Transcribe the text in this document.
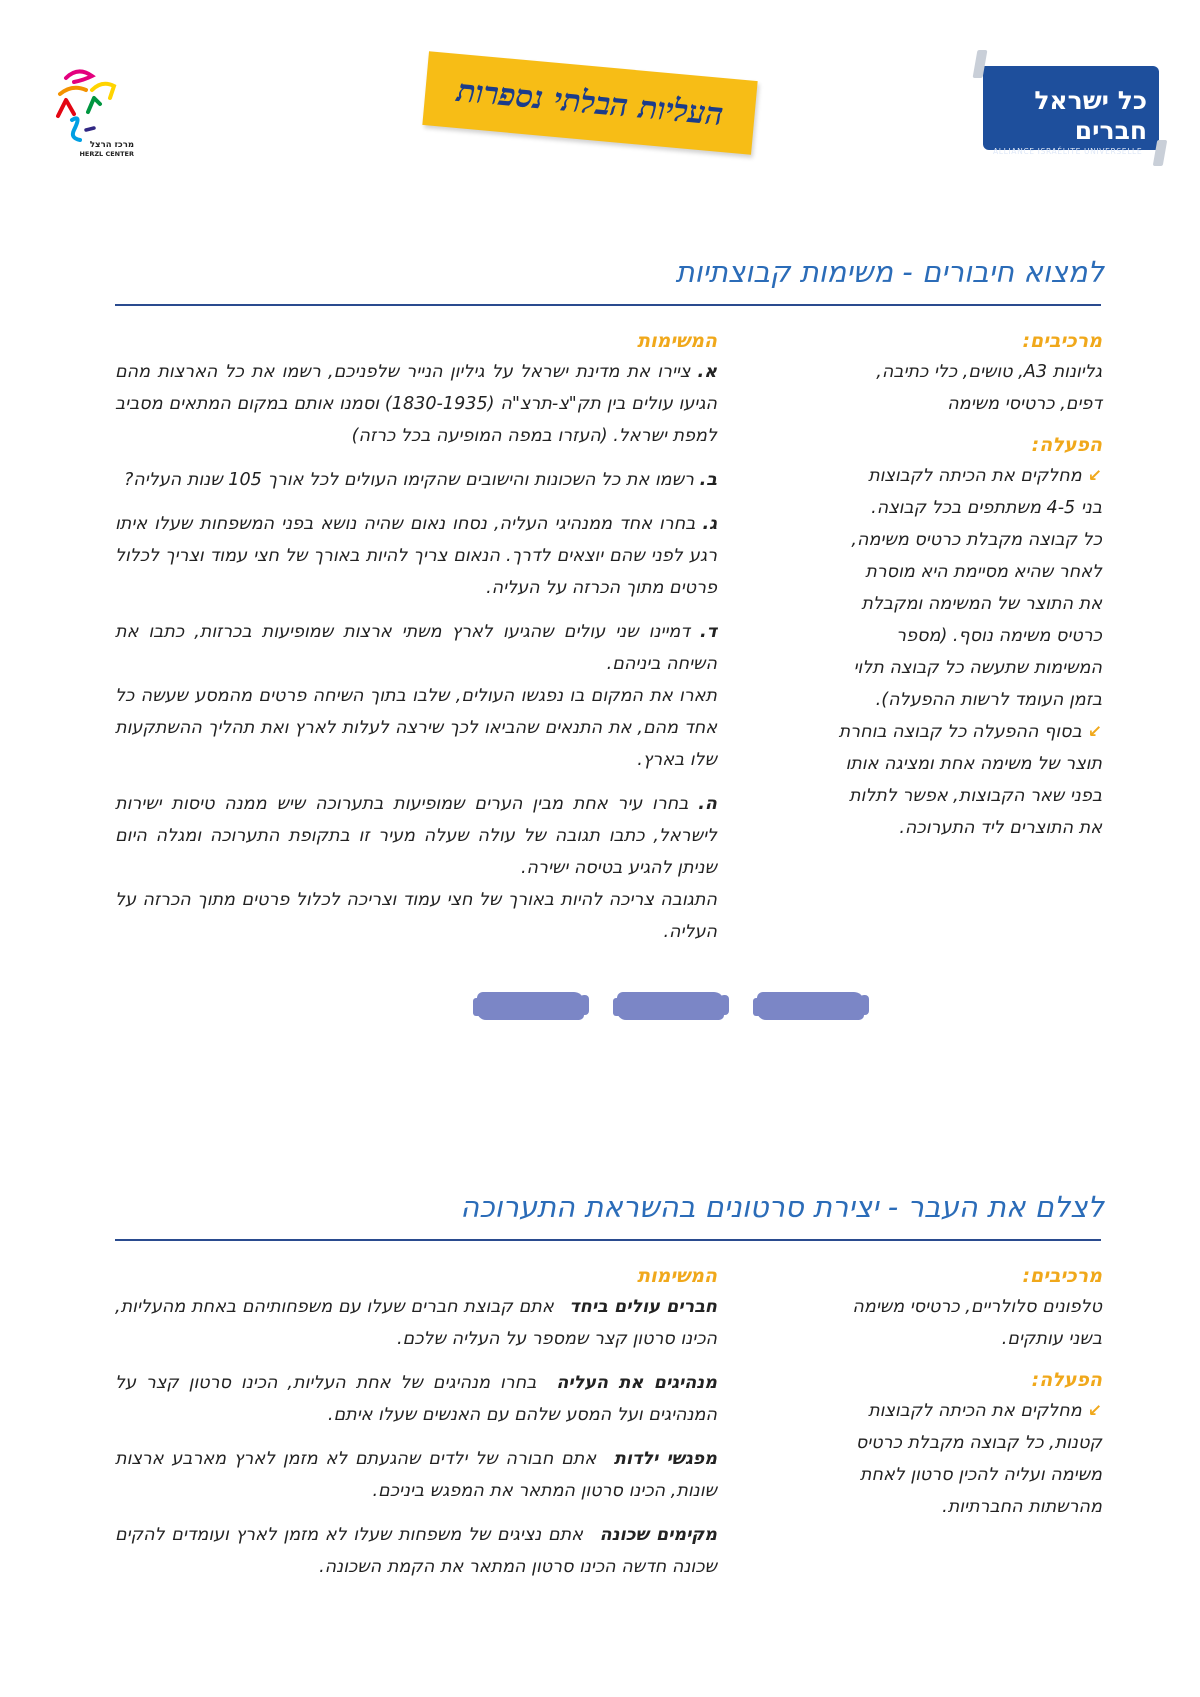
כל ישראל חברים
ALLIANCE ISRAÉLITE UNIVERSELLE
העליות הבלתי נספרות
מרכז הרצל
HERZL CENTER
למצוא חיבורים - משימות קבוצתיות

מרכיבים:

גליונות A3, טושים, כלי כתיבה,
דפים, כרטיסי משימה

הפעלה:

↙מחלקים את הכיתה לקבוצות
בני 4-5 משתתפים בכל קבוצה.
כל קבוצה מקבלת כרטיס משימה,
לאחר שהיא מסיימת היא מוסרת
את התוצר של המשימה ומקבלת
כרטיס משימה נוסף. (מספר
המשימות שתעשה כל קבוצה תלוי
בזמן העומד לרשות ההפעלה).

↙בסוף ההפעלה כל קבוצה בוחרת
תוצר של משימה אחת ומציגה אותו
בפני שאר הקבוצות, אפשר לתלות
את התוצרים ליד התערוכה.

המשימות

א. ציירו את מדינת ישראל על גיליון הנייר שלפניכם, רשמו את כל הארצות מהם הגיעו עולים בין תק"צ-תרצ"ה (1830-1935) וסמנו אותם במקום המתאים מסביב למפת ישראל. (העזרו במפה המופיעה בכל כרזה)

ב. רשמו את כל השכונות והישובים שהקימו העולים לכל אורך 105 שנות העליה?

ג. בחרו אחד ממנהיגי העליה, נסחו נאום שהיה נושא בפני המשפחות שעלו איתו רגע לפני שהם יוצאים לדרך. הנאום צריך להיות באורך של חצי עמוד וצריך לכלול פרטים מתוך הכרזה על העליה.

ד. דמיינו שני עולים שהגיעו לארץ משתי ארצות שמופיעות בכרזות, כתבו את השיחה ביניהם.

תארו את המקום בו נפגשו העולים, שלבו בתוך השיחה פרטים מהמסע שעשה כל אחד מהם, את התנאים שהביאו לכך שירצה לעלות לארץ ואת תהליך ההשתקעות שלו בארץ.

ה. בחרו עיר אחת מבין הערים שמופיעות בתערוכה שיש ממנה טיסות ישירות לישראל, כתבו תגובה של עולה שעלה מעיר זו בתקופת התערוכה ומגלה היום שניתן להגיע בטיסה ישירה.

התגובה צריכה להיות באורך של חצי עמוד וצריכה לכלול פרטים מתוך הכרזה על העליה.

לצלם את העבר - יצירת סרטונים בהשראת התערוכה

מרכיבים:

טלפונים סלולריים, כרטיסי משימה
בשני עותקים.

הפעלה:

↙מחלקים את הכיתה לקבוצות
קטנות, כל קבוצה מקבלת כרטיס
משימה ועליה להכין סרטון לאחת
מהרשתות החברתיות.

המשימות

חברים עולים ביחד אתם קבוצת חברים שעלו עם משפחותיהם באחת מהעליות, הכינו סרטון קצר שמספר על העליה שלכם.

מנהיגים את העליה בחרו מנהיגים של אחת העליות, הכינו סרטון קצר על המנהיגים ועל המסע שלהם עם האנשים שעלו איתם.

מפגשי ילדות אתם חבורה של ילדים שהגעתם לא מזמן לארץ מארבע ארצות שונות, הכינו סרטון המתאר את המפגש ביניכם.

מקימים שכונה אתם נציגים של משפחות שעלו לא מזמן לארץ ועומדים להקים שכונה חדשה הכינו סרטון המתאר את הקמת השכונה.
